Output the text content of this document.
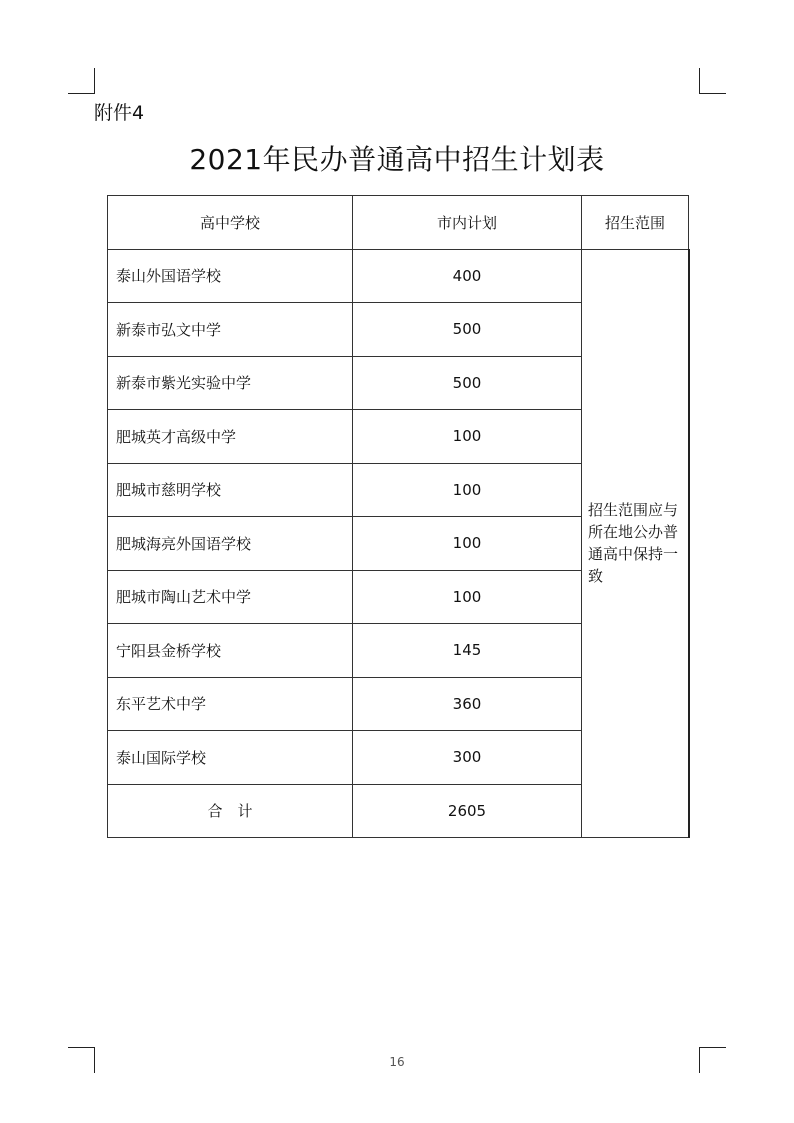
附件4
2021年民办普通高中招生计划表
高中学校	市内计划	招生范围
泰山外国语学校	400	招生范围应与所在地公办普通高中保持一致
新泰市弘文中学	500	
新泰市紫光实验中学	500	
肥城英才高级中学	100	
肥城市慈明学校	100	
肥城海亮外国语学校	100	
肥城市陶山艺术中学	100	
宁阳县金桥学校	145	
东平艺术中学	360	
泰山国际学校	300	
合　计	2605	
16
